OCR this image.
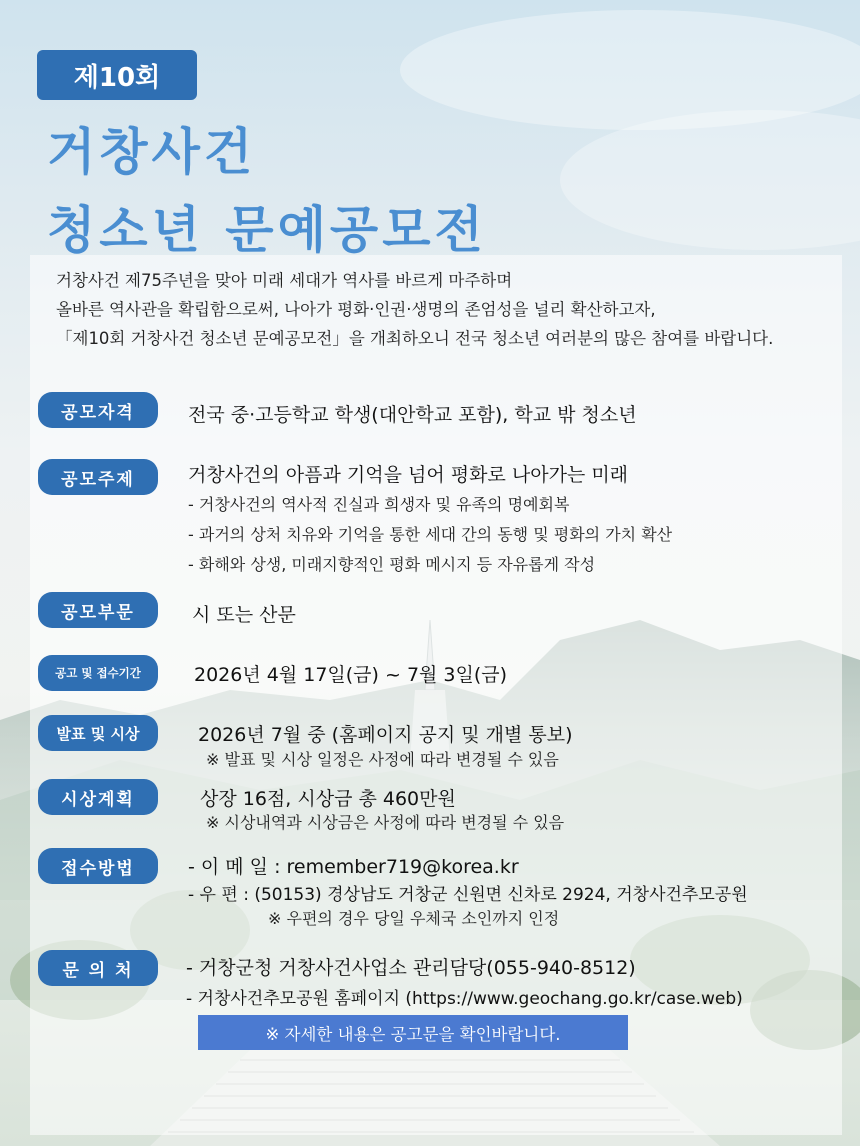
제10회
거창사건
청소년 문예공모전
거창사건 제75주년을 맞아 미래 세대가 역사를 바르게 마주하며
올바른 역사관을 확립함으로써, 나아가 평화·인권·생명의 존엄성을 널리 확산하고자,
「제10회 거창사건 청소년 문예공모전」을 개최하오니 전국 청소년 여러분의 많은 참여를 바랍니다.
공모자격	전국 중·고등학교 학생(대안학교 포함), 학교 밖 청소년
공모주제	거창사건의 아픔과 기억을 넘어 평화로 나아가는 미래
- 거창사건의 역사적 진실과 희생자 및 유족의 명예회복
- 과거의 상처 치유와 기억을 통한 세대 간의 동행 및 평화의 가치 확산
- 화해와 상생, 미래지향적인 평화 메시지 등 자유롭게 작성
공모부문	시 또는 산문
공고 및 접수기간	2026년 4월 17일(금) ~ 7월 3일(금)
발표 및 시상	2026년 7월 중 (홈페이지 공지 및 개별 통보)
※ 발표 및 시상 일정은 사정에 따라 변경될 수 있음
시상계획	상장 16점, 시상금 총 460만원
※ 시상내역과 시상금은 사정에 따라 변경될 수 있음
접수방법	- 이 메 일 : remember719@korea.kr
- 우 편 : (50153) 경상남도 거창군 신원면 신차로 2924, 거창사건추모공원
※ 우편의 경우 당일 우체국 소인까지 인정
문 의 처	- 거창군청 거창사건사업소 관리담당(055-940-8512)
- 거창사건추모공원 홈페이지 (https://www.geochang.go.kr/case.web)
※ 자세한 내용은 공고문을 확인바랍니다.
